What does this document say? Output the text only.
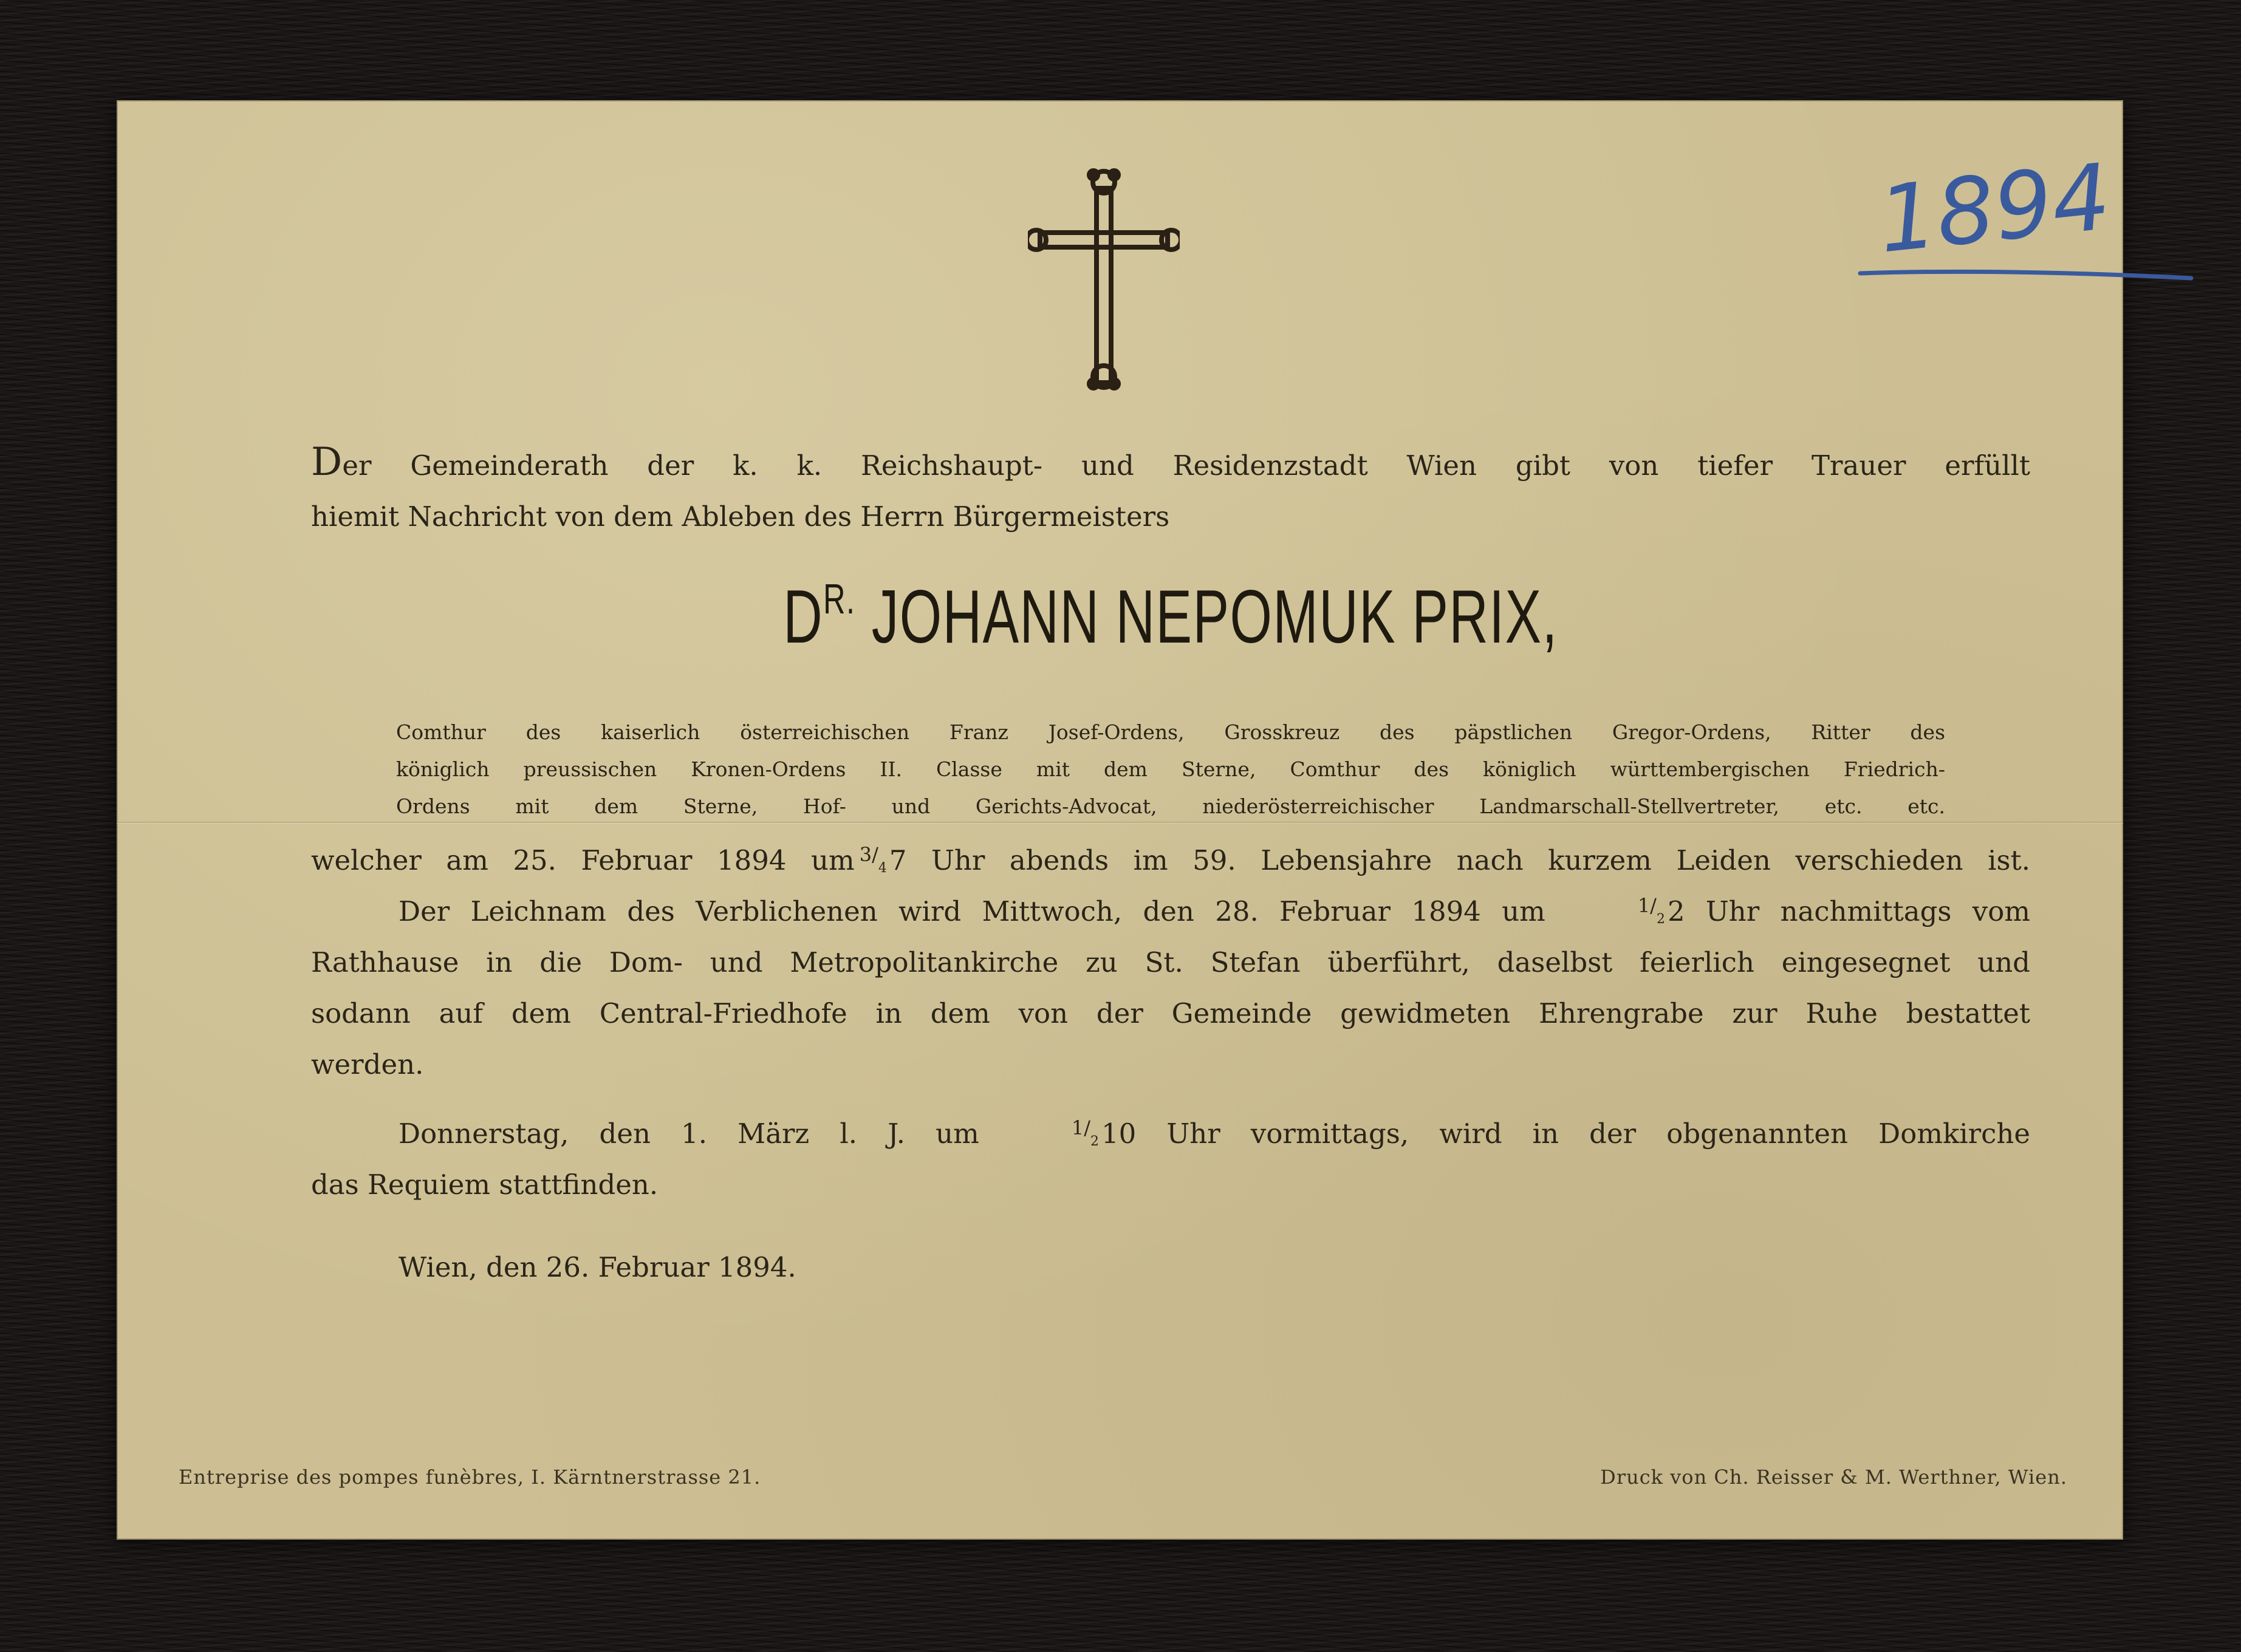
1894

Der Gemeinderath der k. k. Reichshaupt- und Residenzstadt Wien gibt von tiefer Trauer erfüllt

hiemit Nachricht von dem Ableben des Herrn Bürgermeisters

$D^{R.}$ JOHANN NEPOMUK PRIX,

Comthur des kaiserlich österreichischen Franz Josef-Ordens, Grosskreuz des päpstlichen Gregor-Ordens, Ritter des
königlich preussischen Kronen-Ordens II. Classe mit dem Sterne, Comthur des königlich württembergischen Friedrich-
Ordens mit dem Sterne, Hof- und Gerichts-Advocat, niederösterreichischer Landmarschall-Stellvertreter, etc. etc.

welcher am 25. Februar 1894 um $3/_47$ Uhr abends im 59. Lebensjahre nach kurzem Leiden verschieden ist.

Der Leichnam des Verblichenen wird Mittwoch, den 28. Februar 1894 um	$1/_22$ Uhr nachmittags vom

Rathhause in die Dom- und Metropolitankirche zu St. Stefan überführt, daselbst feierlich eingesegnet und

sodann auf dem Central-Friedhofe in dem von der Gemeinde gewidmeten Ehrengrabe zur Ruhe bestattet

werden.

Donnerstag, den 1. März l. J. um	$1/_210$ Uhr vormittags, wird in der obgenannten Domkirche

das Requiem stattfinden.

Wien, den 26. Februar 1894.

Entreprise des pompes funèbres, I. Kärntnerstrasse 21.	Druck von Ch. Reisser & M. Werthner, Wien.
